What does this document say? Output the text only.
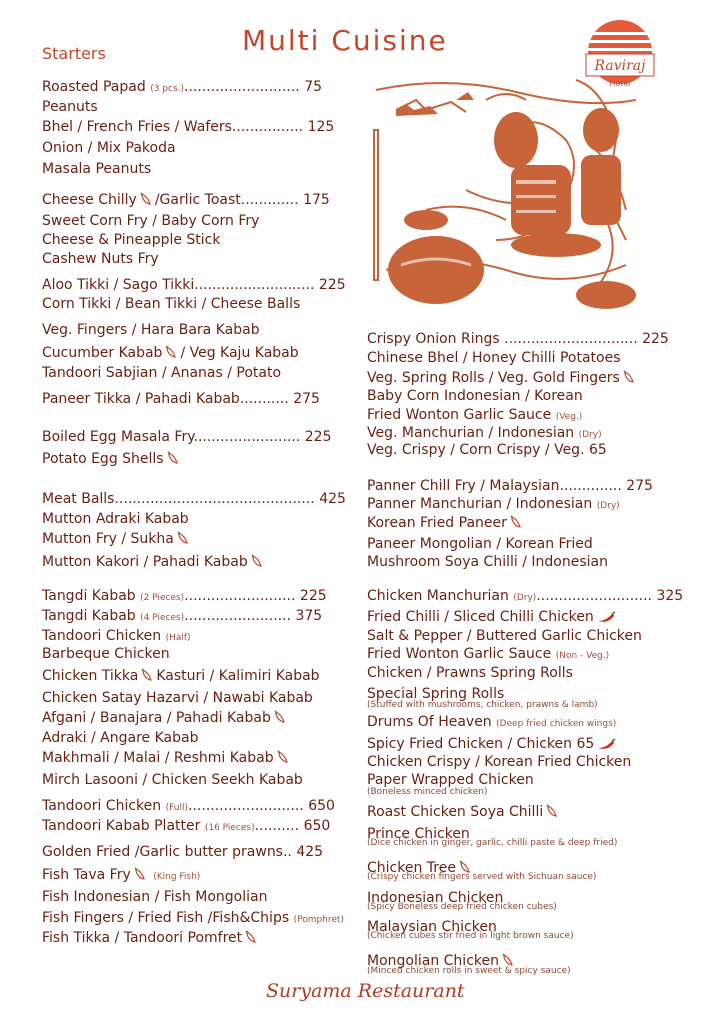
Multi Cuisine
Starters
Raviraj
Hotel
Roasted Papad (3 pcs.).......................... 75
Peanuts
Bhel / French Fries / Wafers................ 125
Onion / Mix Pakoda
Masala Peanuts
Cheese Chilly /Garlic Toast............. 175
Sweet Corn Fry / Baby Corn Fry
Cheese & Pineapple Stick
Cashew Nuts Fry
Aloo Tikki / Sago Tikki........................... 225
Corn Tikki / Bean Tikki / Cheese Balls
Veg. Fingers / Hara Bara Kabab
Cucumber Kabab / Veg Kaju Kabab
Tandoori Sabjian / Ananas / Potato
Paneer Tikka / Pahadi Kabab........... 275
Boiled Egg Masala Fry........................ 225
Potato Egg Shells
Meat Balls............................................. 425
Mutton Adraki Kabab
Mutton Fry / Sukha
Mutton Kakori / Pahadi Kabab
Tangdi Kabab (2 Pieces)......................... 225
Tangdi Kabab (4 Pieces)........................ 375
Tandoori Chicken (Half)
Barbeque Chicken
Chicken Tikka Kasturi / Kalimiri Kabab
Chicken Satay Hazarvi / Nawabi Kabab
Afgani / Banajara / Pahadi Kabab
Adraki / Angare Kabab
Makhmali / Malai / Reshmi Kabab
Mirch Lasooni / Chicken Seekh Kabab
Tandoori Chicken (Full).......................... 650
Tandoori Kabab Platter (16 Pieces).......... 650
Golden Fried /Garlic butter prawns.. 425
Fish Tava Fry (King Fish)
Fish Indonesian / Fish Mongolian
Fish Fingers / Fried Fish /Fish&Chips (Pomphret)
Fish Tikka / Tandoori Pomfret
Crispy Onion Rings .............................. 225
Chinese Bhel / Honey Chilli Potatoes
Veg. Spring Rolls / Veg. Gold Fingers
Baby Corn Indonesian / Korean
Fried Wonton Garlic Sauce (Veg.)
Veg. Manchurian / Indonesian (Dry)
Veg. Crispy / Corn Crispy / Veg. 65
Panner Chill Fry / Malaysian.............. 275
Panner Manchurian / Indonesian (Dry)
Korean Fried Paneer
Paneer Mongolian / Korean Fried
Mushroom Soya Chilli / Indonesian
Chicken Manchurian (Dry).......................... 325
Fried Chilli / Sliced Chilli Chicken
Salt & Pepper / Buttered Garlic Chicken
Fried Wonton Garlic Sauce (Non - Veg.)
Chicken / Prawns Spring Rolls
Special Spring Rolls
(Stuffed with mushrooms, chicken, prawns & lamb)
Drums Of Heaven (Deep fried chicken wings)
Spicy Fried Chicken / Chicken 65
Chicken Crispy / Korean Fried Chicken
Paper Wrapped Chicken
(Boneless minced chicken)
Roast Chicken Soya Chilli
Prince Chicken
(Dice chicken in ginger, garlic, chilli paste & deep fried)
Chicken Tree
(Crispy chicken fingers served with Sichuan sauce)
Indonesian Chicken
(Spicy Boneless deep fried chicken cubes)
Malaysian Chicken
(Chicken cubes stir fried in light brown sauce)
Mongolian Chicken
(Minced chicken rolls in sweet & spicy sauce)
Suryama Restaurant
